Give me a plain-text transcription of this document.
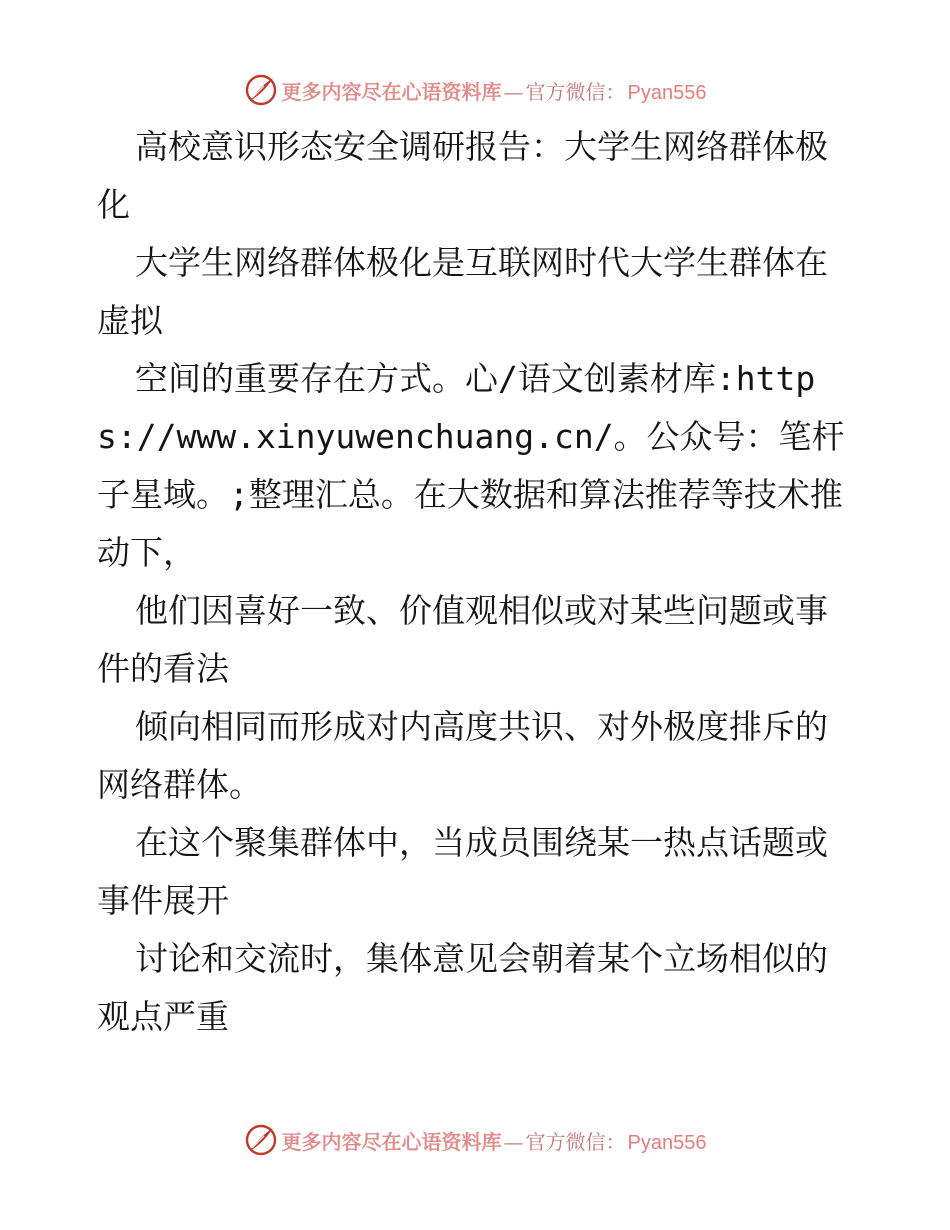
更多内容尽在心语资料库 — 官方微信： Pyan556

高校意识形态安全调研报告：大学生网络群体极化

大学生网络群体极化是互联网时代大学生群体在虚拟

空间的重要存在方式。心/语文创素材库:https://www.xinyuwenchuang.cn/。公众号：笔杆子星域。;整理汇总。在大数据和算法推荐等技术推动下，

他们因喜好一致、价值观相似或对某些问题或事件的看法

倾向相同而形成对内高度共识、对外极度排斥的网络群体。

在这个聚集群体中，当成员围绕某一热点话题或事件展开

讨论和交流时，集体意见会朝着某个立场相似的观点严重

更多内容尽在心语资料库 — 官方微信： Pyan556
